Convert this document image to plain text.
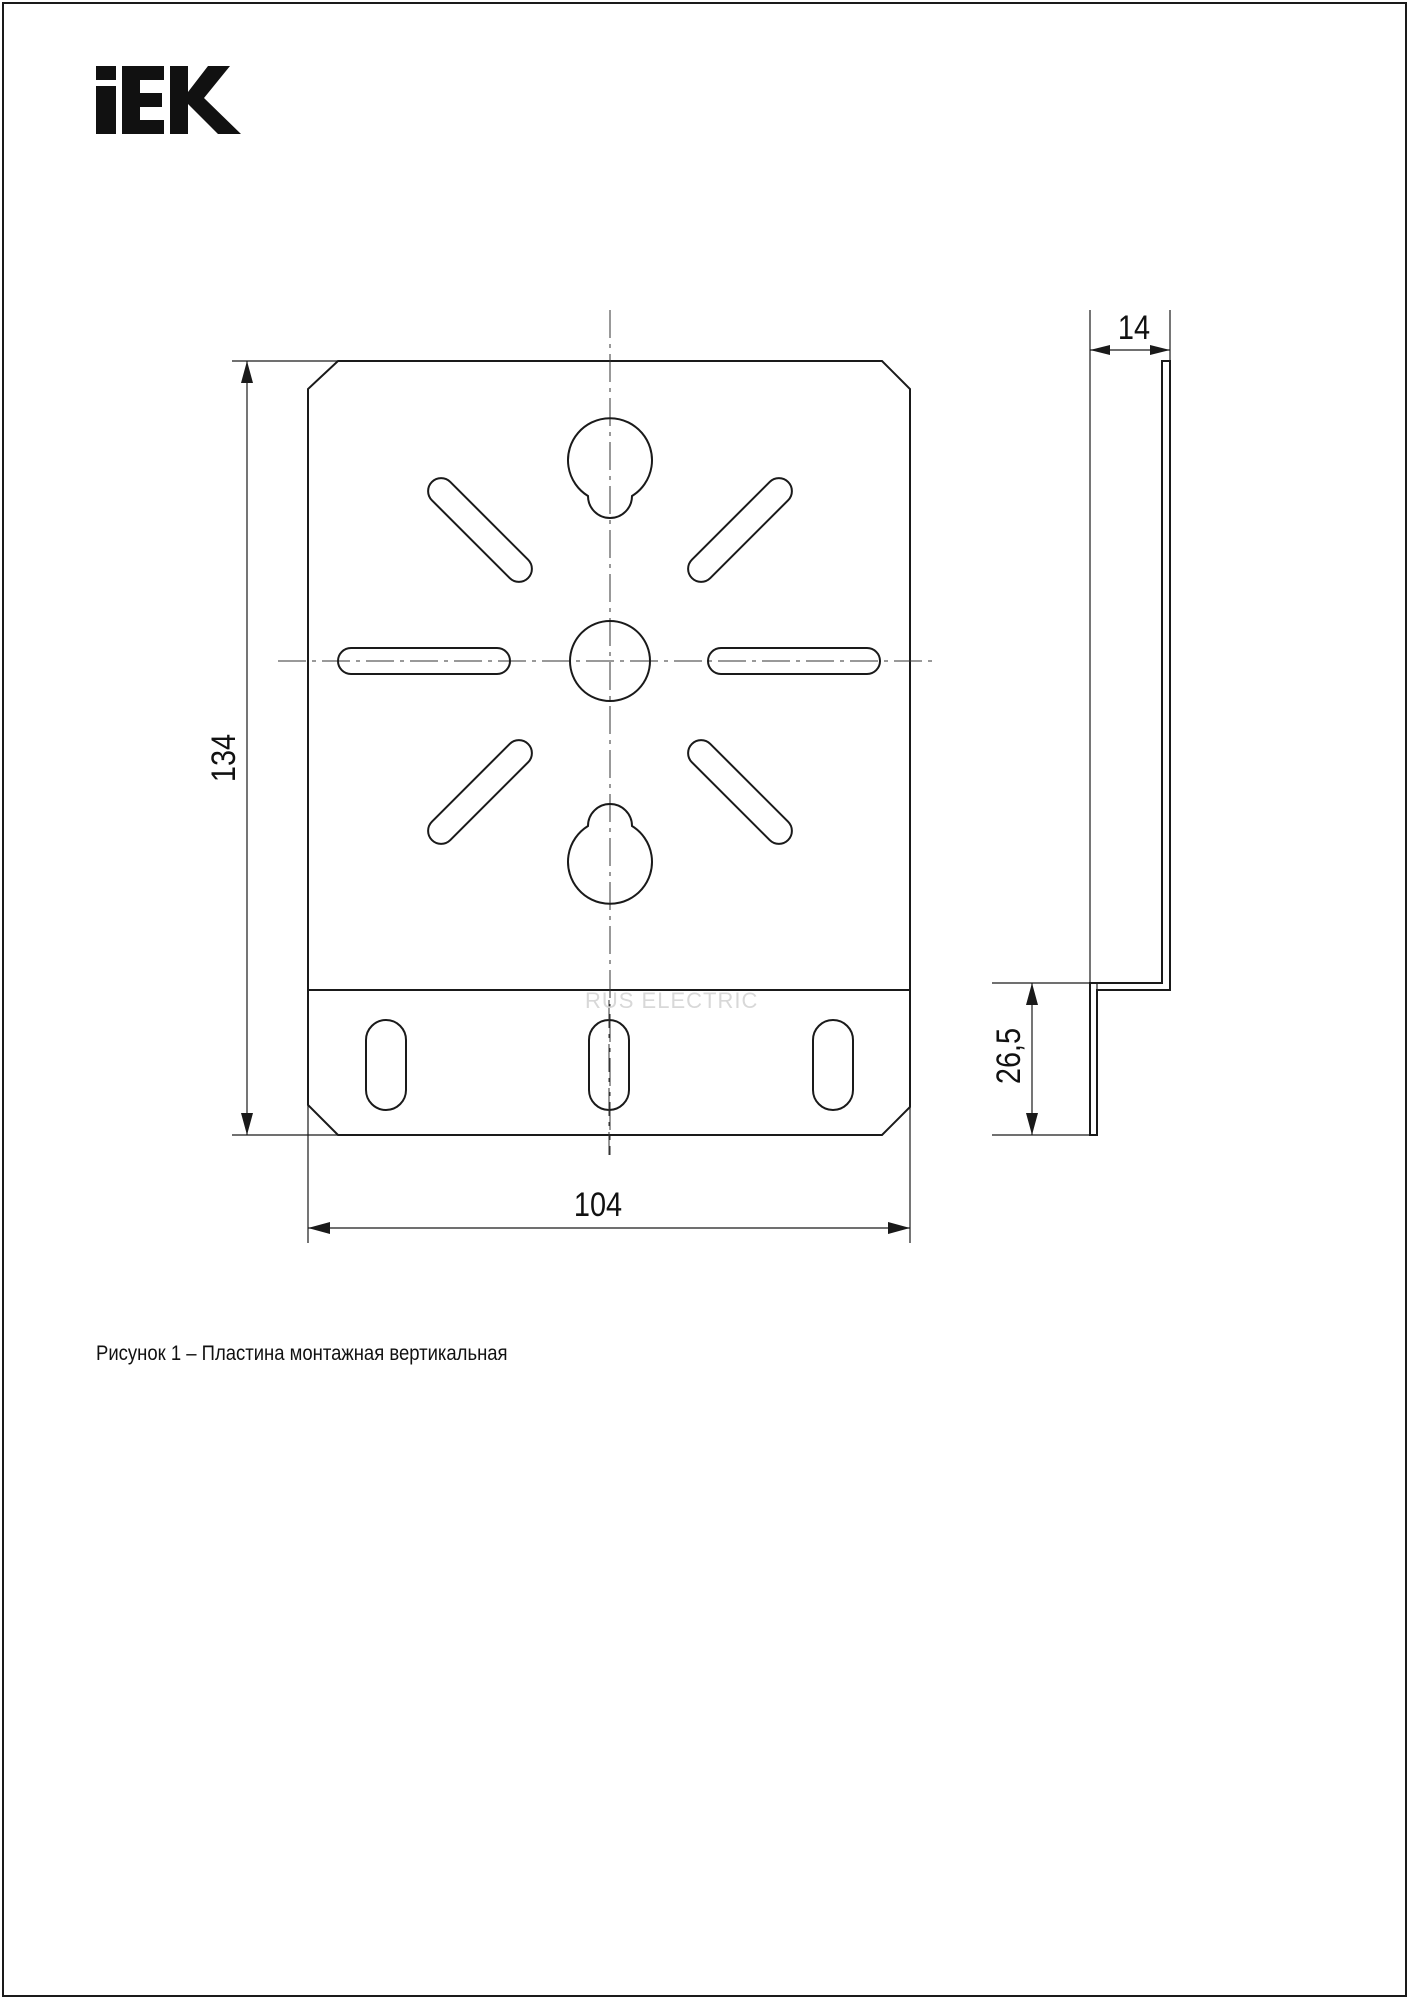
RUS ELECTRIC
134
104
14
26,5
Рисунок 1 – Пластина монтажная вертикальная
